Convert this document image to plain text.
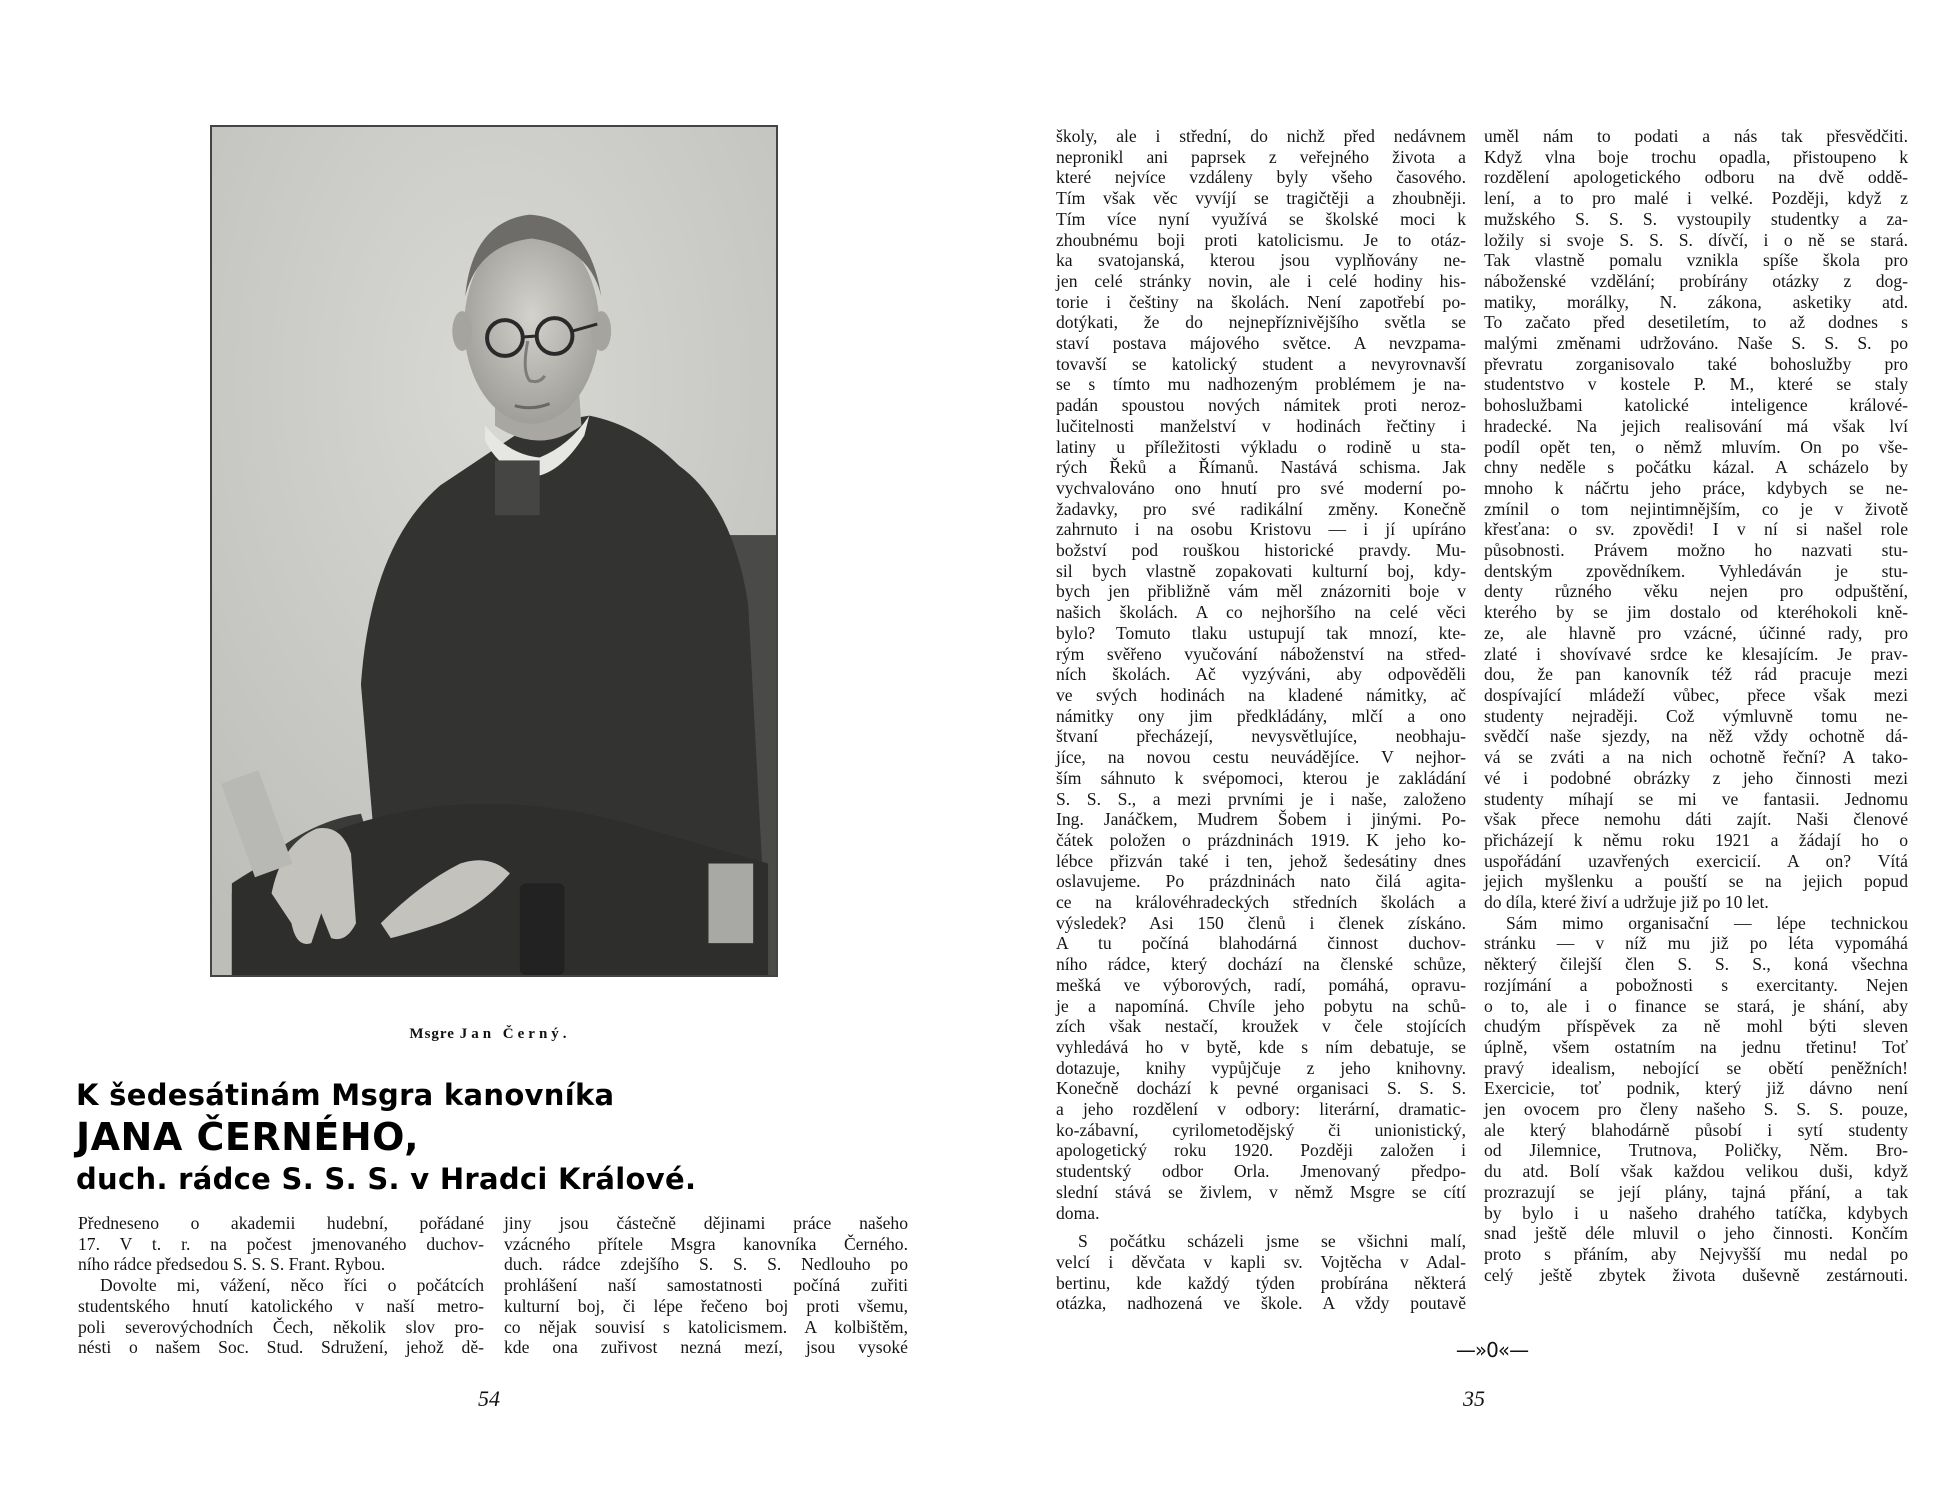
Msgre Jan Černý.
K šedesátinám Msgra kanovníka
JANA ČERNÉHO,
duch. rádce S. S. S. v Hradci Králové.
Předneseno o akademii hudební, pořádané
17. V t. r. na počest jmenovaného duchov-
ního rádce předsedou S. S. S. Frant. Rybou.
Dovolte mi, vážení, něco říci o počátcích
studentského hnutí katolického v naší metro-
poli severovýchodních Čech, několik slov pro-
nésti o našem Soc. Stud. Sdružení, jehož dě-
jiny jsou částečně dějinami práce našeho
vzácného přítele Msgra kanovníka Černého.
duch. rádce zdejšího S. S. S. Nedlouho po
prohlášení naší samostatnosti počíná zuřiti
kulturní boj, či lépe řečeno boj proti všemu,
co nějak souvisí s katolicismem. A kolbištěm,
kde ona zuřivost nezná mezí, jsou vysoké
54
školy, ale i střední, do nichž před nedávnem
nepronikl ani paprsek z veřejného života a
které nejvíce vzdáleny byly všeho časového.
Tím však věc vyvíjí se tragičtěji a zhoubněji.
Tím více nyní využívá se školské moci k
zhoubnému boji proti katolicismu. Je to otáz-
ka svatojanská, kterou jsou vyplňovány ne-
jen celé stránky novin, ale i celé hodiny his-
torie i češtiny na školách. Není zapotřebí po-
dotýkati, že do nejnepříznivějšího světla se
staví postava májového světce. A nevzpama-
tovavší se katolický student a nevyrovnavší
se s tímto mu nadhozeným problémem je na-
padán spoustou nových námitek proti neroz-
lučitelnosti manželství v hodinách řečtiny i
latiny u příležitosti výkladu o rodině u sta-
rých Řeků a Římanů. Nastává schisma. Jak
vychvalováno ono hnutí pro své moderní po-
žadavky, pro své radikální změny. Konečně
zahrnuto i na osobu Kristovu — i jí upíráno
božství pod rouškou historické pravdy. Mu-
sil bych vlastně zopakovati kulturní boj, kdy-
bych jen přibližně vám měl znázorniti boje v
našich školách. A co nejhoršího na celé věci
bylo? Tomuto tlaku ustupují tak mnozí, kte-
rým svěřeno vyučování náboženství na střed-
ních školách. Ač vyzýváni, aby odpověděli
ve svých hodinách na kladené námitky, ač
námitky ony jim předkládány, mlčí a ono
štvaní přecházejí, nevysvětlujíce, neobhaju-
jíce, na novou cestu neuvádějíce. V nejhor-
ším sáhnuto k svépomoci, kterou je zakládání
S. S. S., a mezi prvními je i naše, založeno
Ing. Janáčkem, Mudrem Šobem i jinými. Po-
čátek položen o prázdninách 1919. K jeho ko-
lébce přizván také i ten, jehož šedesátiny dnes
oslavujeme. Po prázdninách nato čilá agita-
ce na královéhradeckých středních školách a
výsledek? Asi 150 členů i členek získáno.
A tu počíná blahodárná činnost duchov-
ního rádce, který dochází na členské schůze,
mešká ve výborových, radí, pomáhá, opravu-
je a napomíná. Chvíle jeho pobytu na schů-
zích však nestačí, kroužek v čele stojících
vyhledává ho v bytě, kde s ním debatuje, se
dotazuje, knihy vypůjčuje z jeho knihovny.
Konečně dochází k pevné organisaci S. S. S.
a jeho rozdělení v odbory: literární, dramatic-
ko-zábavní, cyrilometodějský či unionistický,
apologetický roku 1920. Později založen i
studentský odbor Orla. Jmenovaný předpo-
slední stává se živlem, v němž Msgre se cítí
doma.
S počátku scházeli jsme se všichni malí,
velcí i děvčata v kapli sv. Vojtěcha v Adal-
bertinu, kde každý týden probírána některá
otázka, nadhozená ve škole. A vždy poutavě
uměl nám to podati a nás tak přesvědčiti.
Když vlna boje trochu opadla, přistoupeno k
rozdělení apologetického odboru na dvě oddě-
lení, a to pro malé i velké. Později, když z
mužského S. S. S. vystoupily studentky a za-
ložily si svoje S. S. S. dívčí, i o ně se stará.
Tak vlastně pomalu vznikla spíše škola pro
náboženské vzdělání; probírány otázky z dog-
matiky, morálky, N. zákona, asketiky atd.
To začato před desetiletím, to až dodnes s
malými změnami udržováno. Naše S. S. S. po
převratu zorganisovalo také bohoslužby pro
studentstvo v kostele P. M., které se staly
bohoslužbami katolické inteligence králové-
hradecké. Na jejich realisování má však lví
podíl opět ten, o němž mluvím. On po vše-
chny neděle s počátku kázal. A scházelo by
mnoho k náčrtu jeho práce, kdybych se ne-
zmínil o tom nejintimnějším, co je v životě
křesťana: o sv. zpovědi! I v ní si našel role
působnosti. Právem možno ho nazvati stu-
dentským zpovědníkem. Vyhledáván je stu-
denty různého věku nejen pro odpuštění,
kterého by se jim dostalo od kteréhokoli kně-
ze, ale hlavně pro vzácné, účinné rady, pro
zlaté i shovívavé srdce ke klesajícím. Je prav-
dou, že pan kanovník též rád pracuje mezi
dospívající mládeží vůbec, přece však mezi
studenty nejraději. Což výmluvně tomu ne-
svědčí naše sjezdy, na něž vždy ochotně dá-
vá se zváti a na nich ochotně řeční? A tako-
vé i podobné obrázky z jeho činnosti mezi
studenty míhají se mi ve fantasii. Jednomu
však přece nemohu dáti zajít. Naši členové
přicházejí k němu roku 1921 a žádají ho o
uspořádání uzavřených exercicií. A on? Vítá
jejich myšlenku a pouští se na jejich popud
do díla, které živí a udržuje již po 10 let.
Sám mimo organisační — lépe technickou
stránku — v níž mu již po léta vypomáhá
některý čilejší člen S. S. S., koná všechna
rozjímání a pobožnosti s exercitanty. Nejen
o to, ale i o finance se stará, je shání, aby
chudým příspěvek za ně mohl býti sleven
úplně, všem ostatním na jednu třetinu! Toť
pravý idealism, nebojící se obětí peněžních!
Exercicie, toť podnik, který již dávno není
jen ovocem pro členy našeho S. S. S. pouze,
ale který blahodárně působí i sytí studenty
od Jilemnice, Trutnova, Poličky, Něm. Bro-
du atd. Bolí však každou velikou duši, když
prozrazují se její plány, tajná přání, a tak
by bylo i u našeho drahého tatíčka, kdybych
snad ještě déle mluvil o jeho činnosti. Končím
proto s přáním, aby Nejvyšší mu nedal po
celý ještě zbytek života duševně zestárnouti.
—»0«—
35
